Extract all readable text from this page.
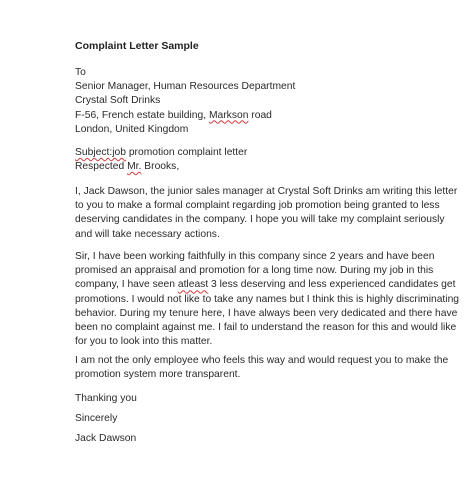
Complaint Letter Sample
To
Senior Manager, Human Resources Department
Crystal Soft Drinks
F-56, French estate building, Markson road
London, United Kingdom
Subject:job promotion complaint letter
Respected Mr. Brooks,
I, Jack Dawson, the junior sales manager at Crystal Soft Drinks am writing this letter
to you to make a formal complaint regarding job promotion being granted to less
deserving candidates in the company. I hope you will take my complaint seriously
and will take necessary actions.
Sir, I have been working faithfully in this company since 2 years and have been
promised an appraisal and promotion for a long time now. During my job in this
company, I have seen atleast 3 less deserving and less experienced candidates get
promotions. I would not like to take any names but I think this is highly discriminating
behavior. During my tenure here, I have always been very dedicated and there have
been no complaint against me. I fail to understand the reason for this and would like
for you to look into this matter.
I am not the only employee who feels this way and would request you to make the
promotion system more transparent.
Thanking you
Sincerely
Jack Dawson
